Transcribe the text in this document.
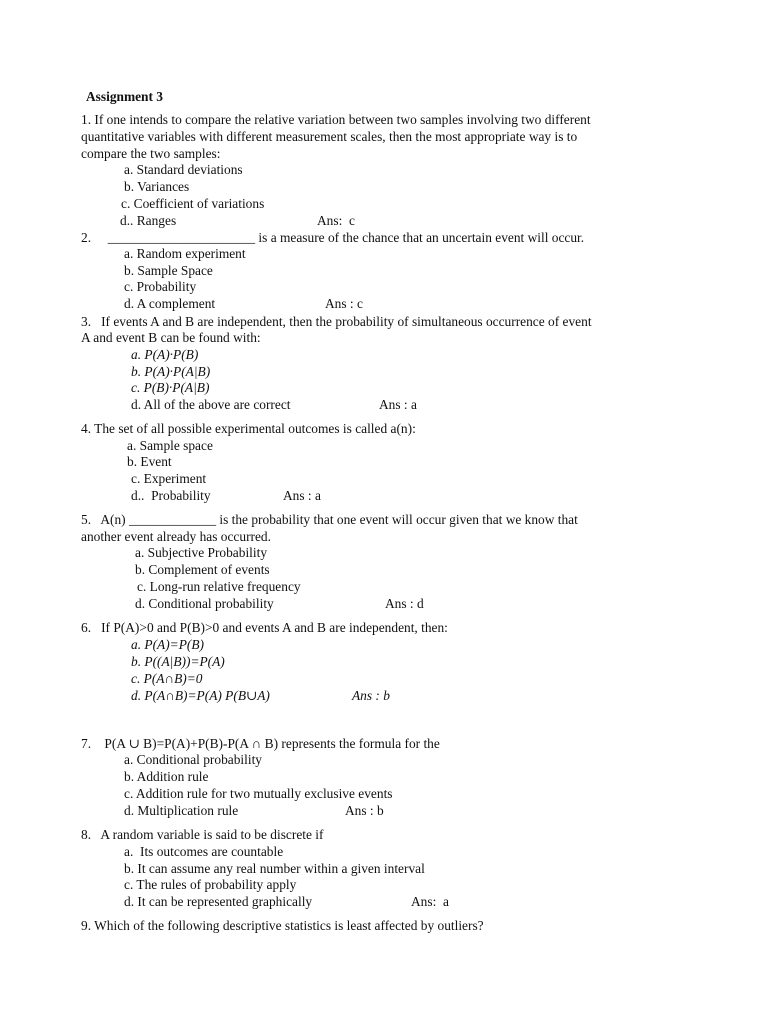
Assignment 3
1. If one intends to compare the relative variation between two samples involving two different
quantitative variables with different measurement scales, then the most appropriate way is to
compare the two samples:
a. Standard deviations
b. Variances
c. Coefficient of variations
d.. Ranges	Ans:  c
2.     ______________________ is a measure of the chance that an uncertain event will occur.
a. Random experiment
b. Sample Space
c. Probability
d. A complement	Ans : c
3.   If events A and B are independent, then the probability of simultaneous occurrence of event
A and event B can be found with:
a. P(A)·P(B)
b. P(A)·P(A|B)
c. P(B)·P(A|B)
d. All of the above are correct	Ans : a
4. The set of all possible experimental outcomes is called a(n):
a. Sample space
b. Event
c. Experiment
d..  Probability	Ans : a
5.   A(n) _____________ is the probability that one event will occur given that we know that
another event already has occurred.
a. Subjective Probability
b. Complement of events
c. Long-run relative frequency
d. Conditional probability	Ans : d
6.   If P(A)>0 and P(B)>0 and events A and B are independent, then:
a. P(A)=P(B)
b. P((A|B))=P(A)
c. P(A∩B)=0
d. P(A∩B)=P(A) P(B∪A)	Ans : b
7.    P(A ∪ B)=P(A)+P(B)-P(A ∩ B) represents the formula for the
a. Conditional probability
b. Addition rule
c. Addition rule for two mutually exclusive events
d. Multiplication rule	Ans : b
8.   A random variable is said to be discrete if
a.  Its outcomes are countable
b. It can assume any real number within a given interval
c. The rules of probability apply
d. It can be represented graphically	Ans:  a
9. Which of the following descriptive statistics is least affected by outliers?
